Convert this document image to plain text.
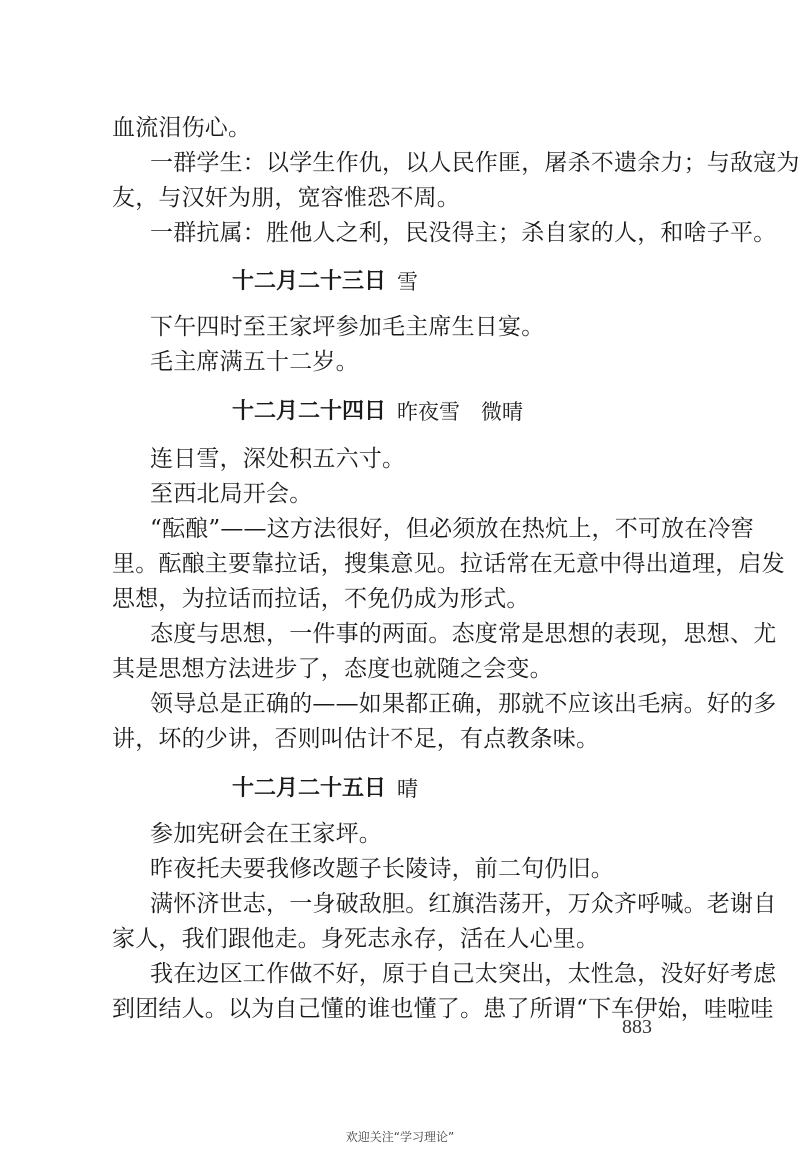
血流泪伤心。
一群学生：以学生作仇，以人民作匪，屠杀不遗余力；与敌寇为
友，与汉奸为朋，宽容惟恐不周。
一群抗属：胜他人之利，民没得主；杀自家的人，和啥子平。
十二月二十三日 雪
下午四时至王家坪参加毛主席生日宴。
毛主席满五十二岁。
十二月二十四日 昨夜雪　微晴
连日雪，深处积五六寸。
至西北局开会。
“酝酿”——这方法很好，但必须放在热炕上，不可放在冷窖
里。酝酿主要靠拉话，搜集意见。拉话常在无意中得出道理，启发
思想，为拉话而拉话，不免仍成为形式。
态度与思想，一件事的两面。态度常是思想的表现，思想、尤
其是思想方法进步了，态度也就随之会变。
领导总是正确的——如果都正确，那就不应该出毛病。好的多
讲，坏的少讲，否则叫估计不足，有点教条味。
十二月二十五日 晴
参加宪研会在王家坪。
昨夜托夫要我修改题子长陵诗，前二句仍旧。
满怀济世志，一身破敌胆。红旗浩荡开，万众齐呼喊。老谢自
家人，我们跟他走。身死志永存，活在人心里。
我在边区工作做不好，原于自己太突出，太性急，没好好考虑
到团结人。以为自己懂的谁也懂了。患了所谓“下车伊始，哇啦哇
883
欢迎关注“学习理论”
